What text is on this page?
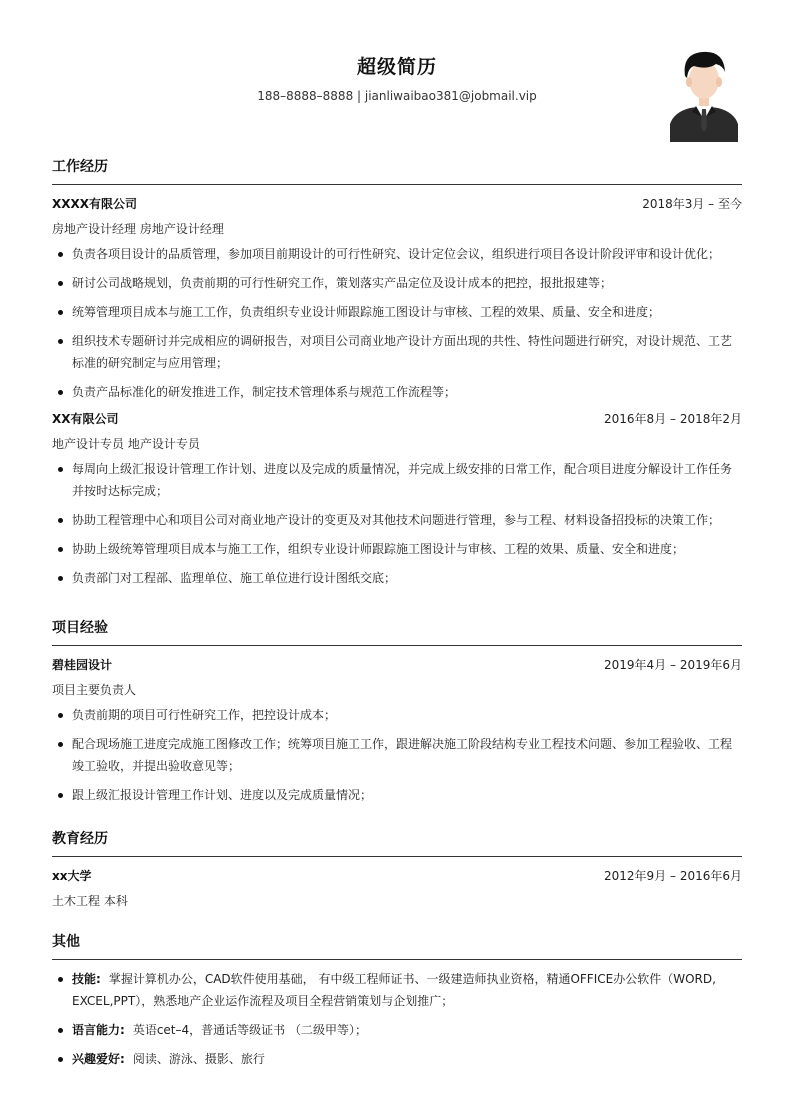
超级简历
188–8888–8888 | jianliwaibao381@jobmail.vip
工作经历
XXXX有限公司	2018年3月 – 至今
房地产设计经理 房地产设计经理
负责各项目设计的品质管理，参加项目前期设计的可行性研究、设计定位会议，组织进行项目各设计阶段评审和设计优化；
研讨公司战略规划，负责前期的可行性研究工作，策划落实产品定位及设计成本的把控，报批报建等；
统筹管理项目成本与施工工作，负责组织专业设计师跟踪施工图设计与审核、工程的效果、质量、安全和进度；
组织技术专题研讨并完成相应的调研报告，对项目公司商业地产设计方面出现的共性、特性问题进行研究，对设计规范、工艺标准的研究制定与应用管理；
负责产品标准化的研发推进工作，制定技术管理体系与规范工作流程等；
XX有限公司	2016年8月 – 2018年2月
地产设计专员 地产设计专员
每周向上级汇报设计管理工作计划、进度以及完成的质量情况，并完成上级安排的日常工作，配合项目进度分解设计工作任务并按时达标完成；
协助工程管理中心和项目公司对商业地产设计的变更及对其他技术问题进行管理，参与工程、材料设备招投标的决策工作；
协助上级统筹管理项目成本与施工工作，组织专业设计师跟踪施工图设计与审核、工程的效果、质量、安全和进度；
负责部门对工程部、监理单位、施工单位进行设计图纸交底；
项目经验
碧桂园设计	2019年4月 – 2019年6月
项目主要负责人
负责前期的项目可行性研究工作，把控设计成本；
配合现场施工进度完成施工图修改工作；统筹项目施工工作，跟进解决施工阶段结构专业工程技术问题、参加工程验收、工程竣工验收，并提出验收意见等；
跟上级汇报设计管理工作计划、进度以及完成质量情况；
教育经历
xx大学	2012年9月 – 2016年6月
土木工程 本科
其他
技能: 掌握计算机办公，CAD软件使用基础， 有中级工程师证书、一级建造师执业资格，精通OFFICE办公软件（WORD, EXCEL,PPT），熟悉地产企业运作流程及项目全程营销策划与企划推广；
语言能力: 英语cet–4，普通话等级证书 （二级甲等）；
兴趣爱好: 阅读、游泳、摄影、旅行
